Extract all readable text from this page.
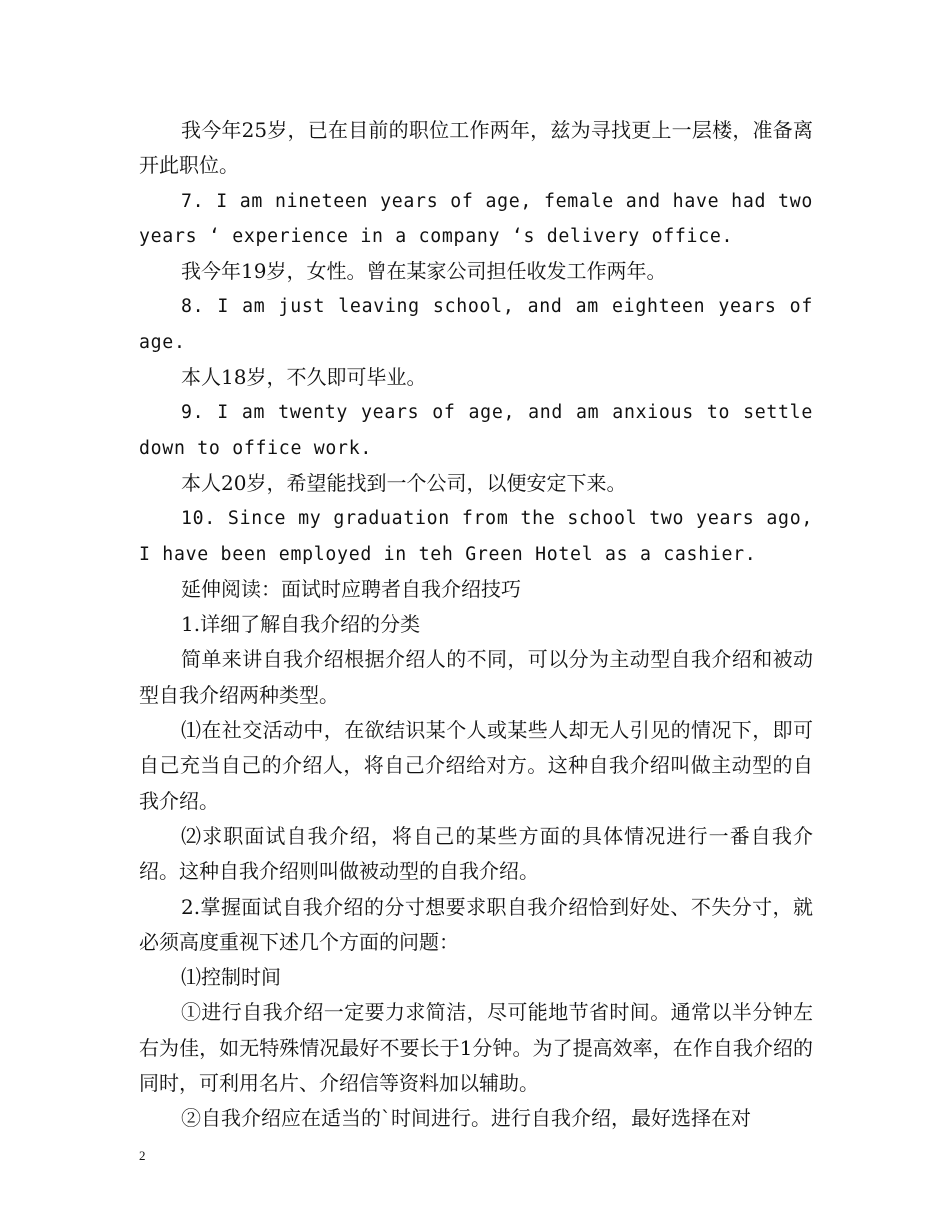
我今年25岁，已在目前的职位工作两年，兹为寻找更上一层楼，准备离开此职位。

7. I am nineteen years of age, female and have had two years ‘ experience in a company ‘s delivery office.

我今年19岁，女性。曾在某家公司担任收发工作两年。

8. I am just leaving school, and am eighteen years of age.

本人18岁，不久即可毕业。

9. I am twenty years of age, and am anxious to settle down to office work.

本人20岁，希望能找到一个公司，以便安定下来。

10. Since my graduation from the school two years ago, I have been employed in teh Green Hotel as a cashier.

延伸阅读：面试时应聘者自我介绍技巧

1.详细了解自我介绍的分类

简单来讲自我介绍根据介绍人的不同，可以分为主动型自我介绍和被动型自我介绍两种类型。

⑴在社交活动中，在欲结识某个人或某些人却无人引见的情况下，即可自己充当自己的介绍人，将自己介绍给对方。这种自我介绍叫做主动型的自我介绍。

⑵求职面试自我介绍，将自己的某些方面的具体情况进行一番自我介绍。这种自我介绍则叫做被动型的自我介绍。

2.掌握面试自我介绍的分寸想要求职自我介绍恰到好处、不失分寸，就必须高度重视下述几个方面的问题：

⑴控制时间

①进行自我介绍一定要力求简洁，尽可能地节省时间。通常以半分钟左右为佳，如无特殊情况最好不要长于1分钟。为了提高效率，在作自我介绍的同时，可利用名片、介绍信等资料加以辅助。

②自我介绍应在适当的`时间进行。进行自我介绍，最好选择在对

2
